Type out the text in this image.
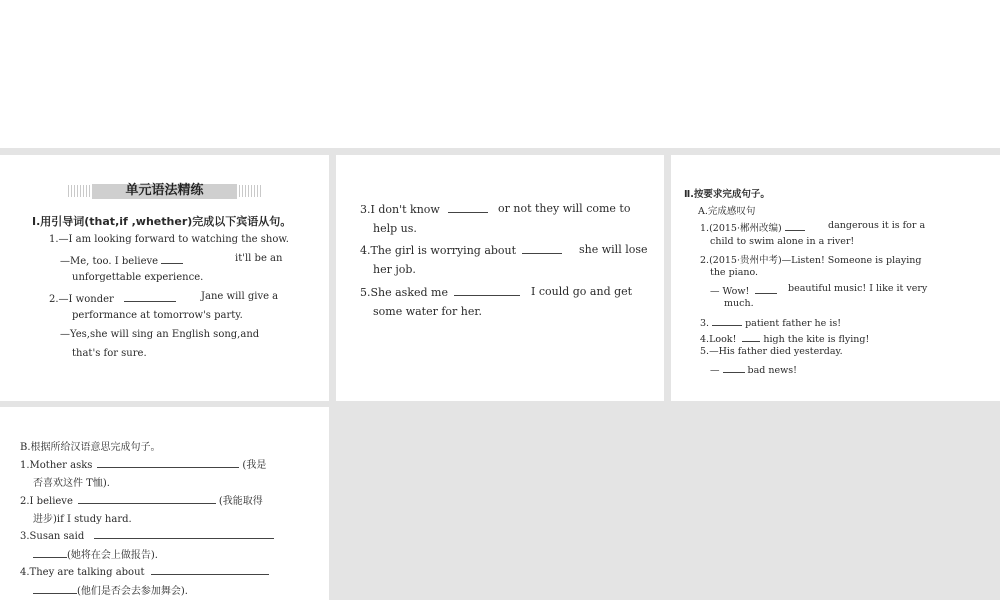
单元语法精练
Ⅰ.用引导词(that,if ,whether)完成以下宾语从句。
1.—I am looking forward to watching the show.
—Me, too. I believe	it'll be an
unforgettable experience.
2.—I wonder	Jane will give a
performance at tomorrow's party.
—Yes,she will sing an English song,and
that's for sure.
3.I don't know	or not they will come to
help us.
4.The girl is worrying about	she will lose
her job.
5.She asked me	I could go and get
some water for her.
Ⅱ.按要求完成句子。
A.完成感叹句
1.(2015·郴州改编)	dangerous it is for a
child to swim alone in a river!
2.(2015·贵州中考)—Listen! Someone is playing
the piano.
— Wow!	beautiful music! I like it very
much.
3.	patient father he is!
4.Look!	high the kite is flying!
5.—His father died yesterday.
—	bad news!
B.根据所给汉语意思完成句子。
1.Mother asks	(我是
否喜欢这件 T恤).
2.I believe	(我能取得
进步)if I study hard.
3.Susan said
(她将在会上做报告).
4.They are talking about
(他们是否会去参加舞会).
